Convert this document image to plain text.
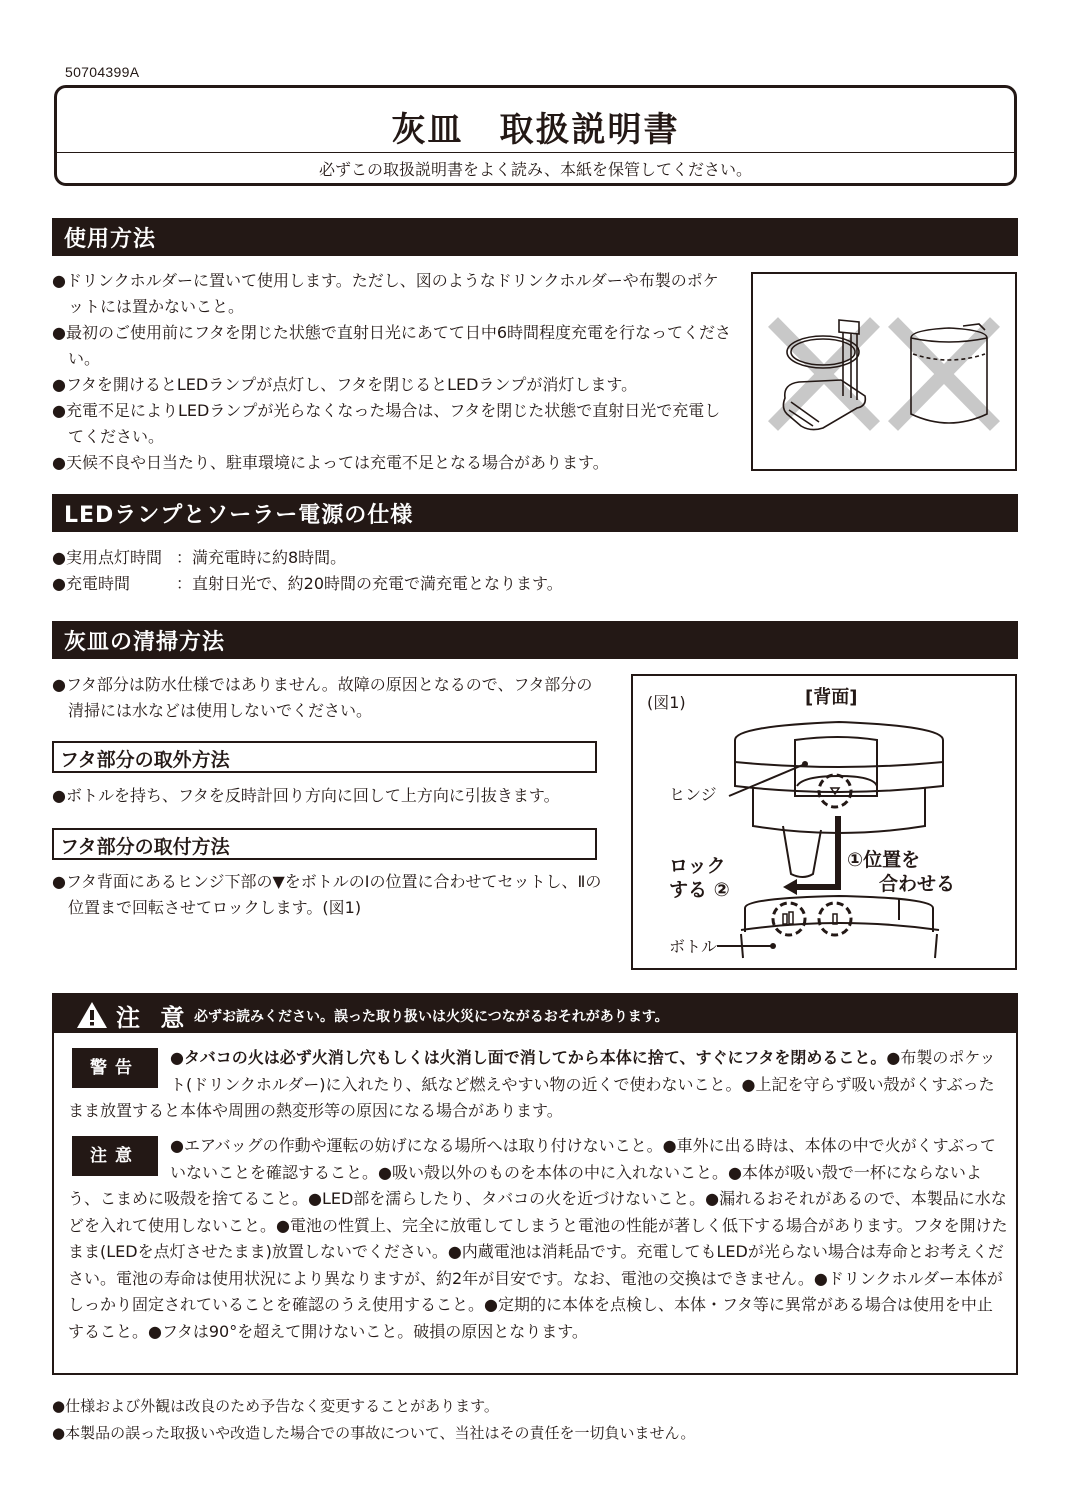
50704399A
灰皿　取扱説明書
必ずこの取扱説明書をよく読み、本紙を保管してください。
使用方法
● ドリンクホルダーに置いて使用します。ただし、図のようなドリンクホルダーや布製のポケットには置かないこと。
● 最初のご使用前にフタを閉じた状態で直射日光にあてて日中6時間程度充電を行なってください。
● フタを開けるとLEDランプが点灯し、フタを閉じるとLEDランプが消灯します。
● 充電不足によりLEDランプが光らなくなった場合は、フタを閉じた状態で直射日光で充電してください。
● 天候不良や日当たり、駐車環境によっては充電不足となる場合があります。
LEDランプとソーラー電源の仕様
● 実用点灯時間 ： 満充電時に約8時間。
● 充電時間	： 直射日光で、約20時間の充電で満充電となります。
灰皿の清掃方法
● フタ部分は防水仕様ではありません。故障の原因となるので、フタ部分の清掃には水などは使用しないでください。
フタ部分の取外方法
● ボトルを持ち、フタを反時計回り方向に回して上方向に引抜きます。
フタ部分の取付方法
● フタ背面にあるヒンジ下部の▼をボトルのⅠの位置に合わせてセットし、Ⅱの位置まで回転させてロックします。(図1)
(図1)	[背面]
ヒンジ
ボトル
①位置を
合わせる
ロック
する ②
注 意 必ずお読みください。誤った取り扱いは火災につながるおそれがあります。
警告
●タバコの火は必ず火消し穴もしくは火消し面で消してから本体に捨て、すぐにフタを閉めること。●布製のポケット(ドリンクホルダー)に入れたり、紙など燃えやすい物の近くで使わないこと。●上記を守らず吸い殻がくすぶったまま放置すると本体や周囲の熱変形等の原因になる場合があります。
注意
●エアバッグの作動や運転の妨げになる場所へは取り付けないこと。●車外に出る時は、本体の中で火がくすぶっていないことを確認すること。●吸い殻以外のものを本体の中に入れないこと。●本体が吸い殻で一杯にならないよう、こまめに吸殻を捨てること。●LED部を濡らしたり、タバコの火を近づけないこと。●漏れるおそれがあるので、本製品に水などを入れて使用しないこと。●電池の性質上、完全に放電してしまうと電池の性能が著しく低下する場合があります。フタを開けたまま(LEDを点灯させたまま)放置しないでください。●内蔵電池は消耗品です。充電してもLEDが光らない場合は寿命とお考えください。電池の寿命は使用状況により異なりますが、約2年が目安です。なお、電池の交換はできません。●ドリンクホルダー本体がしっかり固定されていることを確認のうえ使用すること。●定期的に本体を点検し、本体・フタ等に異常がある場合は使用を中止すること。●フタは90°を超えて開けないこと。破損の原因となります。
● 仕様および外観は改良のため予告なく変更することがあります。
● 本製品の誤った取扱いや改造した場合での事故について、当社はその責任を一切負いません。
